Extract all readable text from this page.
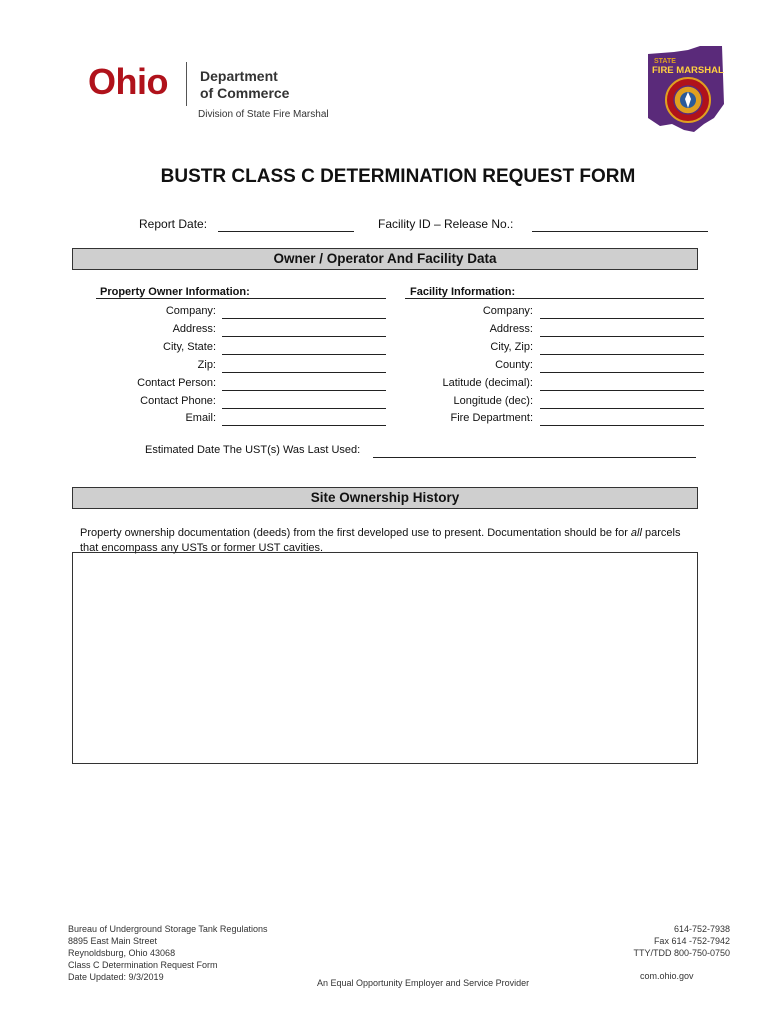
Ohio Department
of Commerce
Division of State Fire Marshal
STATE
FIRE MARSHAL
BUSTR CLASS C DETERMINATION REQUEST FORM
Report Date:	Facility ID – Release No.:
Owner / Operator And Facility Data
Property Owner Information:	Facility Information:
Company:
Address:
City, State:
Zip:
Contact Person:
Contact Phone:
Email:
Company:
Address:
City, Zip:
County:
Latitude (decimal):
Longitude (dec):
Fire Department:
Estimated Date The UST(s) Was Last Used:
Site Ownership History
Property ownership documentation (deeds) from the first developed use to present. Documentation should be for all parcels that encompass any USTs or former UST cavities.
Bureau of Underground Storage Tank Regulations
8895 East Main Street
Reynoldsburg, Ohio 43068
Class C Determination Request Form
Date Updated: 9/3/2019
An Equal Opportunity Employer and Service Provider
614-752-7938
Fax 614 -752-7942
TTY/TDD 800-750-0750
com.ohio.gov
